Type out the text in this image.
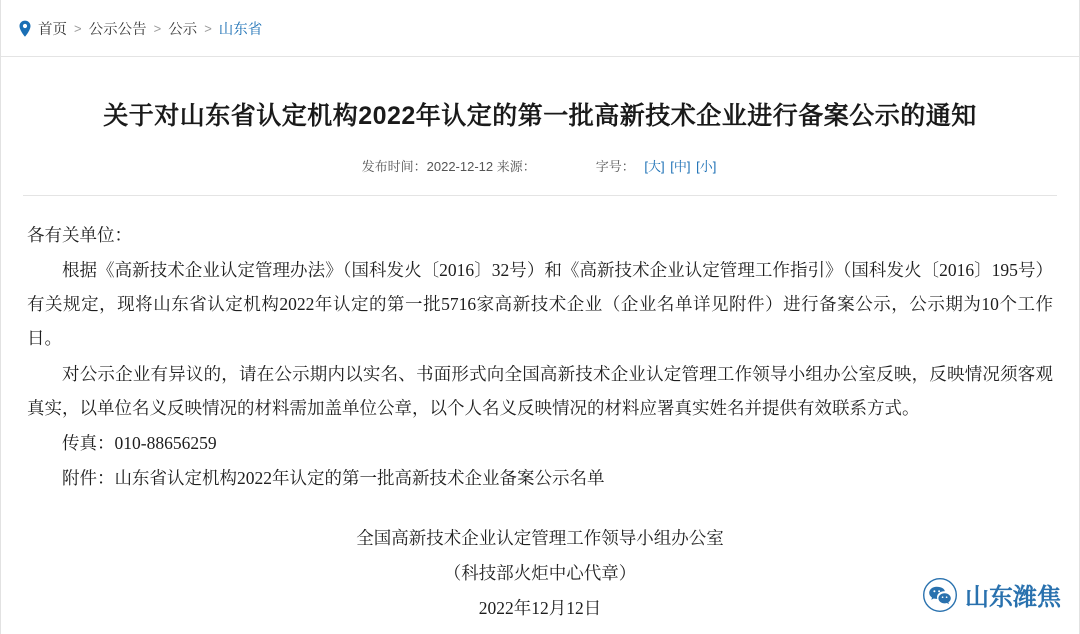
首页 > 公示公告 > 公示 > 山东省
关于对山东省认定机构2022年认定的第一批高新技术企业进行备案公示的通知
发布时间：2022-12-12 来源：	字号： [大] [中] [小]

各有关单位：

根据《高新技术企业认定管理办法》（国科发火〔2016〕32号）和《高新技术企业认定管理工作指引》（国科发火〔2016〕195号）有关规定，现将山东省认定机构2022年认定的第一批5716家高新技术企业（企业名单详见附件）进行备案公示，公示期为10个工作日。

对公示企业有异议的，请在公示期内以实名、书面形式向全国高新技术企业认定管理工作领导小组办公室反映，反映情况须客观真实，以单位名义反映情况的材料需加盖单位公章，以个人名义反映情况的材料应署真实姓名并提供有效联系方式。

传真：010-88656259

附件：山东省认定机构2022年认定的第一批高新技术企业备案公示名单

全国高新技术企业认定管理工作领导小组办公室
（科技部火炬中心代章）
2022年12月12日	山东潍焦
